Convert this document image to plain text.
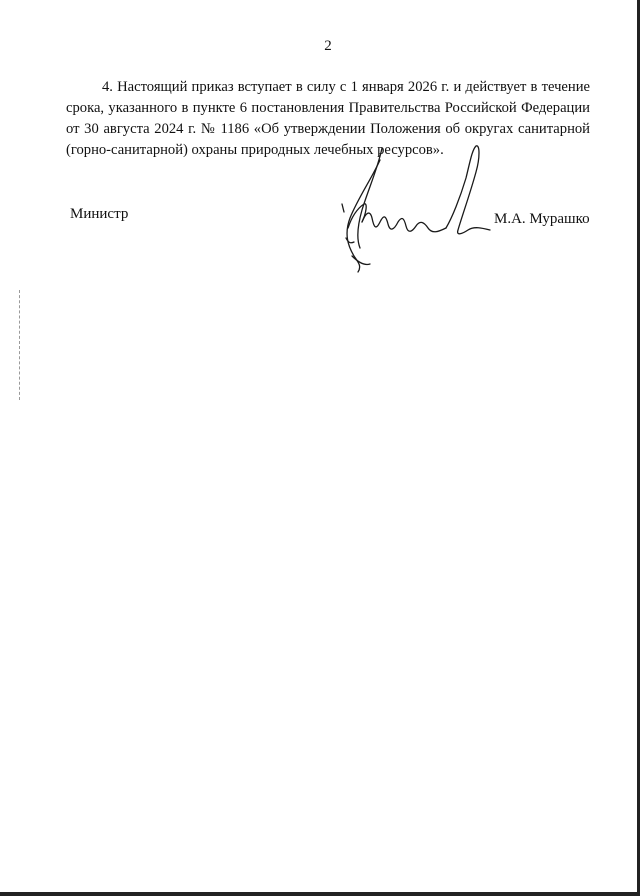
2

4. Настоящий приказ вступает в силу с 1 января 2026 г. и действует в течение срока, указанного в пункте 6 постановления Правительства Российской Федерации от 30 августа 2024 г. № 1186 «Об утверждении Положения об округах санитарной (горно-санитарной) охраны природных лечебных ресурсов».

Министр	М.А. Мурашко
